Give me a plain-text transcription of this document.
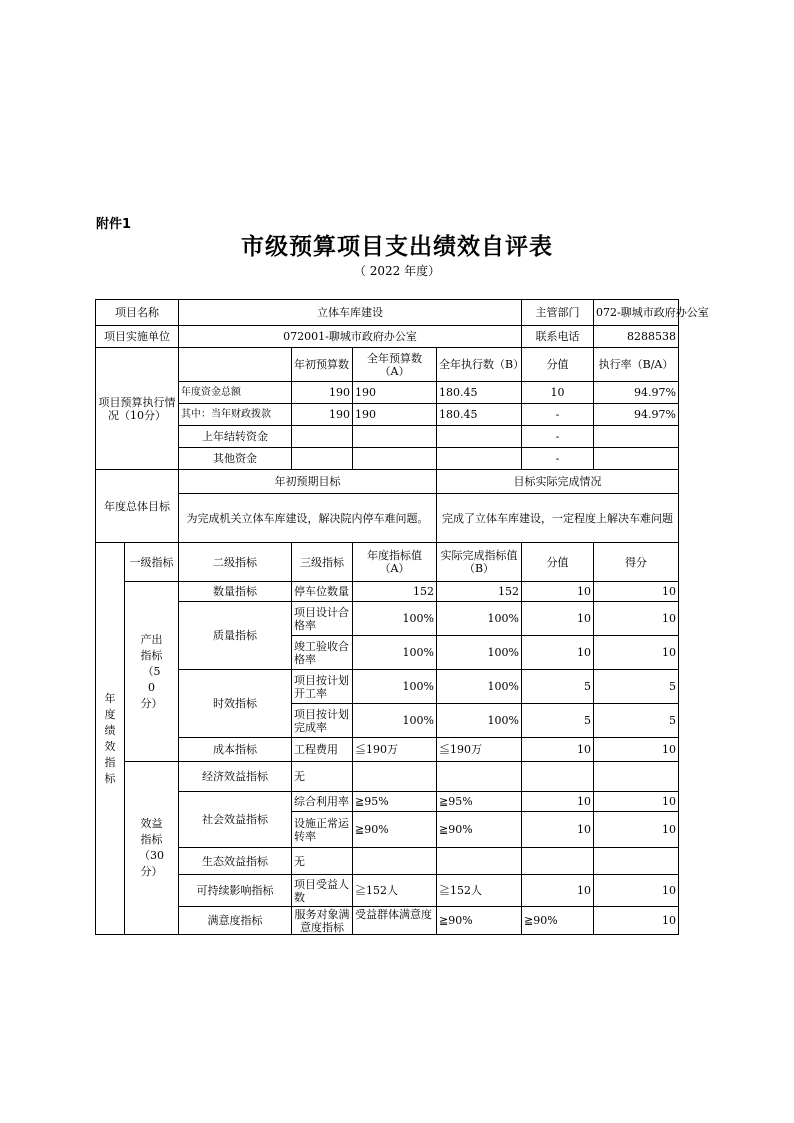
附件1
市级预算项目支出绩效自评表
（ 2022 年度）
项目名称		立体车库建设				主管部门	072-聊城市政府办公室	

项目实施单位		072001-聊城市政府办公室				联系电话	8288538	
项目预算执行情况（10分）			年初预算数	全年预算数（A）	全年执行数（B）	分值	执行率（B/A）	
		年度资金总额	190	190	180.45	10	94.97%	

		其中：当年财政拨款	190	190	180.45	-	94.97%	
		上年结转资金				-		
		其他资金				-		
年度总体目标		年初预期目标			目标实际完成情况			
		为完成机关立体车库建设，解决院内停车难问题。			完成了立体车库建设，一定程度上解决车难问题			

年度绩效指标	一级指标	二级指标	三级指标	年度指标值（A）	实际完成指标值（B）	分值	得分	

	产出指标（50分）	数量指标	停车位数量	152	152	10	10	
		质量指标	项目设计合格率	100%	100%	10	10	
			竣工验收合格率	100%	100%	10	10	
		时效指标	项目按计划开工率	100%	100%	5	5	
			项目按计划完成率	100%	100%	5	5	
		成本指标	工程费用	≦190万	≦190万	10	10	

	效益指标（30分）	经济效益指标	无					
		社会效益指标	综合利用率	≧95%	≧95%	10	10	
			设施正常运转率	≧90%	≧90%	10	10	
		生态效益指标	无					
		可持续影响指标	项目受益人数	≧152人	≧152人	10	10	
		满意度指标	服务对象满意度指标	受益群体满意度	≧90%	≧90%	10	
